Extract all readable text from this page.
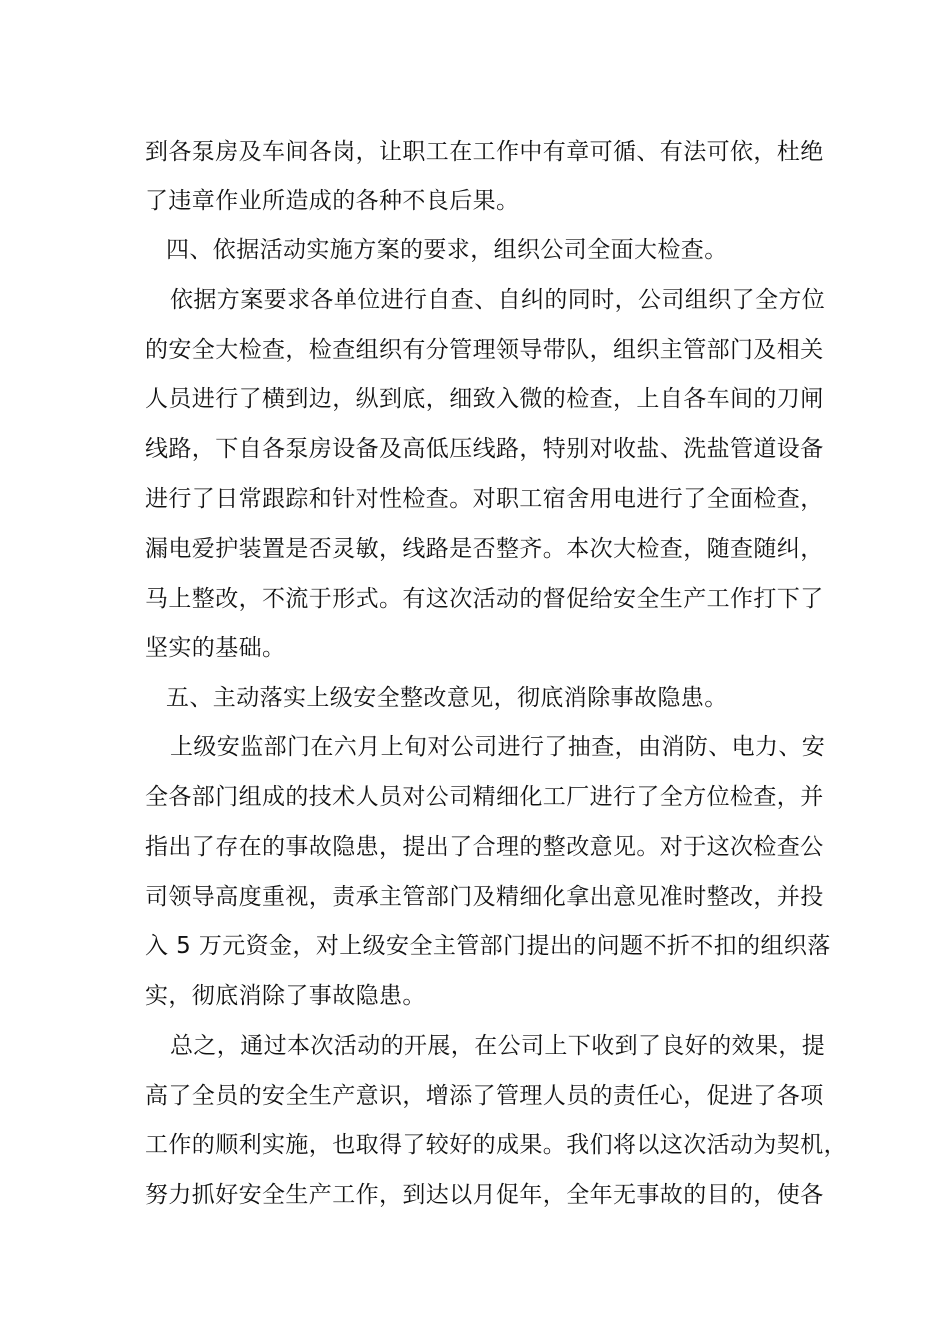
到各泵房及车间各岗，让职工在工作中有章可循、有法可依，杜绝
了违章作业所造成的各种不良后果。
四、依据活动实施方案的要求，组织公司全面大检查。
依据方案要求各单位进行自查、自纠的同时，公司组织了全方位
的安全大检查，检查组织有分管理领导带队，组织主管部门及相关
人员进行了横到边，纵到底，细致入微的检查，上自各车间的刀闸
线路，下自各泵房设备及高低压线路，特别对收盐、洗盐管道设备
进行了日常跟踪和针对性检查。对职工宿舍用电进行了全面检查，
漏电爱护装置是否灵敏，线路是否整齐。本次大检查，随查随纠，
马上整改，不流于形式。有这次活动的督促给安全生产工作打下了
坚实的基础。
五、主动落实上级安全整改意见，彻底消除事故隐患。
上级安监部门在六月上旬对公司进行了抽查，由消防、电力、安
全各部门组成的技术人员对公司精细化工厂进行了全方位检查，并
指出了存在的事故隐患，提出了合理的整改意见。对于这次检查公
司领导高度重视，责承主管部门及精细化拿出意见准时整改，并投
入 5 万元资金，对上级安全主管部门提出的问题不折不扣的组织落
实，彻底消除了事故隐患。
总之，通过本次活动的开展，在公司上下收到了良好的效果，提
高了全员的安全生产意识，增添了管理人员的责任心，促进了各项
工作的顺利实施，也取得了较好的成果。我们将以这次活动为契机，
努力抓好安全生产工作，到达以月促年，全年无事故的目的，使各
